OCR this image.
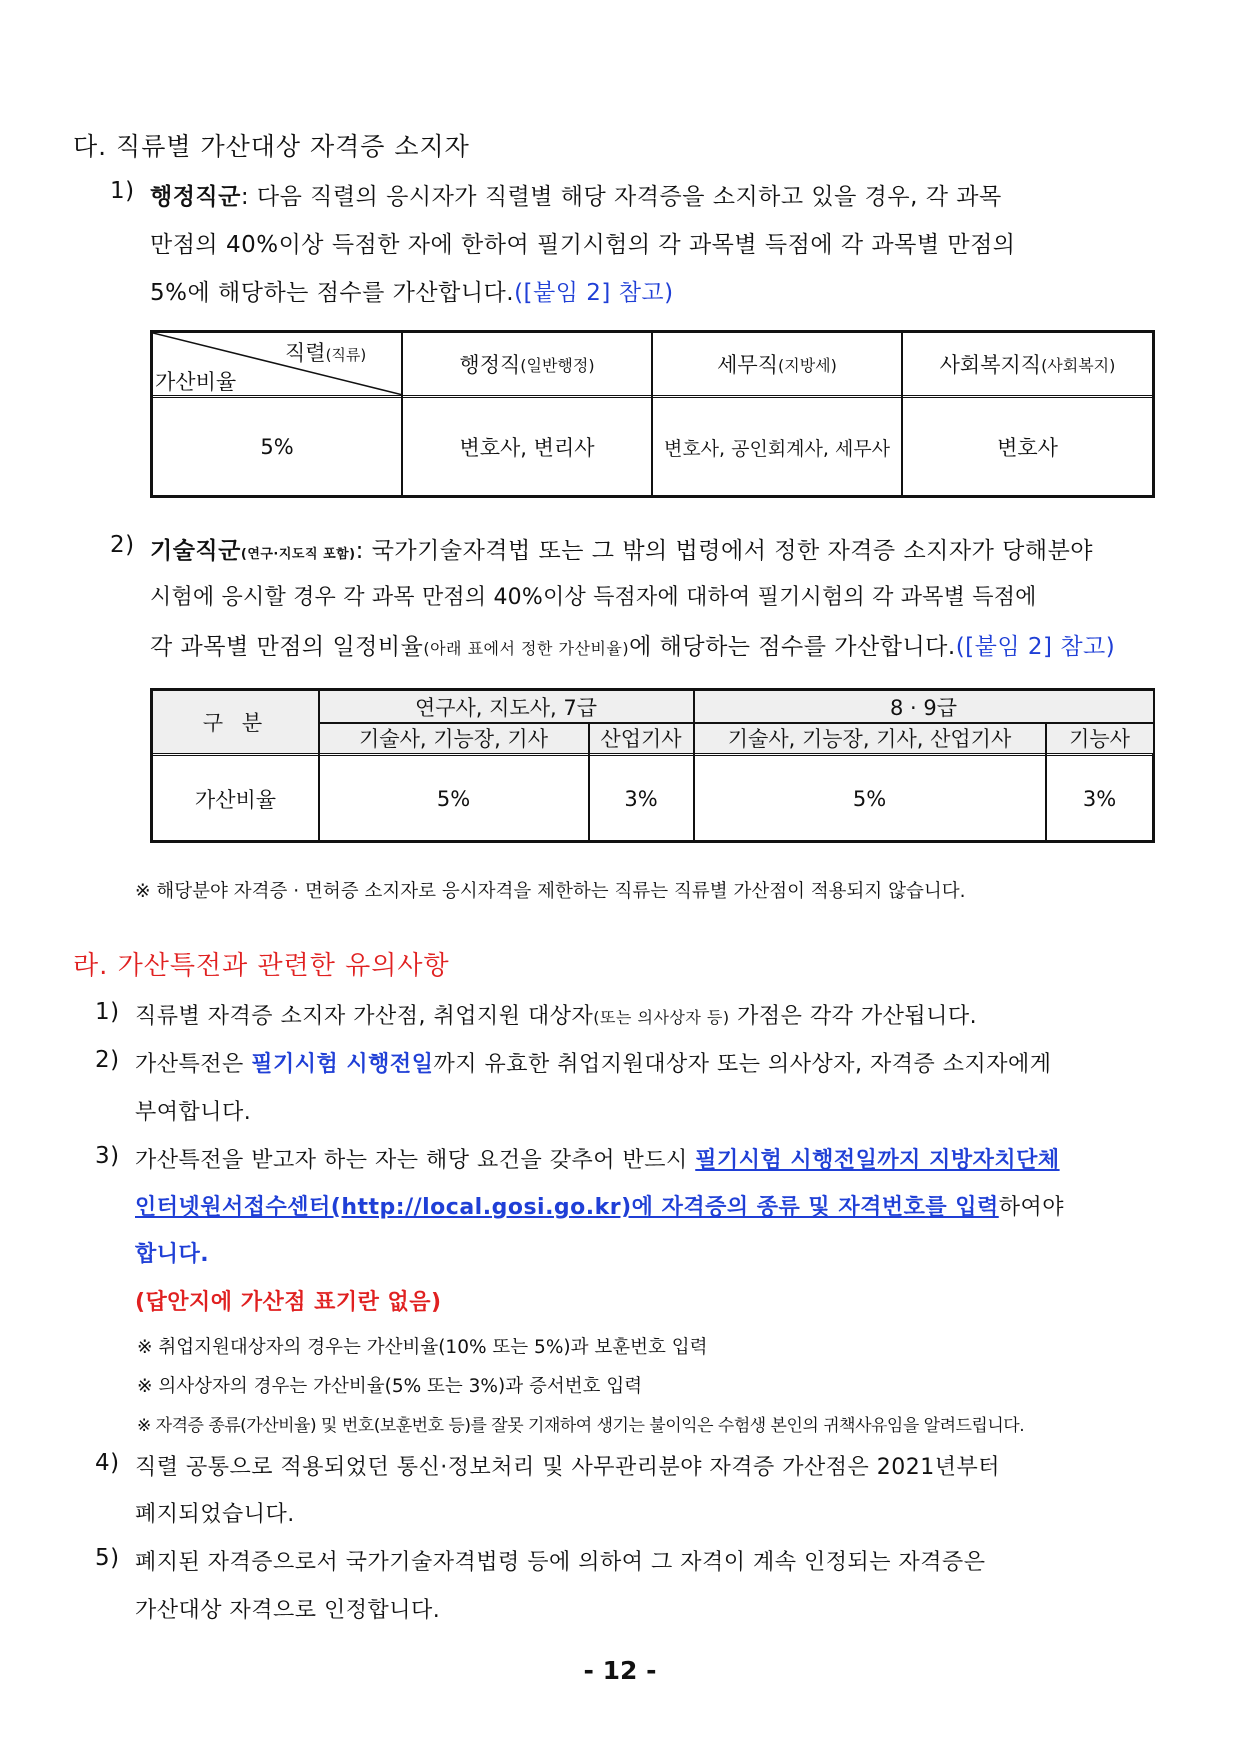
다. 직류별 가산대상 자격증 소지자
1) 행정직군: 다음 직렬의 응시자가 직렬별 해당 자격증을 소지하고 있을 경우, 각 과목
만점의 40%이상 득점한 자에 한하여 필기시험의 각 과목별 득점에 각 과목별 만점의
5%에 해당하는 점수를 가산합니다.([붙임 2] 참고)
직렬(직류)
가산비율
행정직 (일반행정)	세무직 (지방세)	사회복지직 (사회복지)
5%	변호사, 변리사	변호사, 공인회계사, 세무사	변호사
2) 기술직군(연구·지도직 포함): 국가기술자격법 또는 그 밖의 법령에서 정한 자격증 소지자가 당해분야
시험에 응시할 경우 각 과목 만점의 40%이상 득점자에 대하여 필기시험의 각 과목별 득점에
각 과목별 만점의 일정비율(아래 표에서 정한 가산비율)에 해당하는 점수를 가산합니다.([붙임 2] 참고)
구 분
연구사, 지도사, 7급	8 · 9급
기술사, 기능장, 기사	산업기사	기술사, 기능장, 기사, 산업기사	기능사
가산비율	5%	3%	5%	3%
※ 해당분야 자격증 · 면허증 소지자로 응시자격을 제한하는 직류는 직류별 가산점이 적용되지 않습니다.
라. 가산특전과 관련한 유의사항
1) 직류별 자격증 소지자 가산점, 취업지원 대상자(또는 의사상자 등) 가점은 각각 가산됩니다.
2) 가산특전은 필기시험 시행전일까지 유효한 취업지원대상자 또는 의사상자, 자격증 소지자에게
부여합니다.
3) 가산특전을 받고자 하는 자는 해당 요건을 갖추어 반드시 필기시험 시행전일까지 지방자치단체
인터넷원서접수센터(http://local.gosi.go.kr)에 자격증의 종류 및 자격번호를 입력하여야
합니다.
(답안지에 가산점 표기란 없음)
※ 취업지원대상자의 경우는 가산비율(10% 또는 5%)과 보훈번호 입력
※ 의사상자의 경우는 가산비율(5% 또는 3%)과 증서번호 입력
※ 자격증 종류(가산비율) 및 번호(보훈번호 등)를 잘못 기재하여 생기는 불이익은 수험생 본인의 귀책사유임을 알려드립니다.
4) 직렬 공통으로 적용되었던 통신·정보처리 및 사무관리분야 자격증 가산점은 2021년부터
폐지되었습니다.
5) 폐지된 자격증으로서 국가기술자격법령 등에 의하여 그 자격이 계속 인정되는 자격증은
가산대상 자격으로 인정합니다.
- 12 -
